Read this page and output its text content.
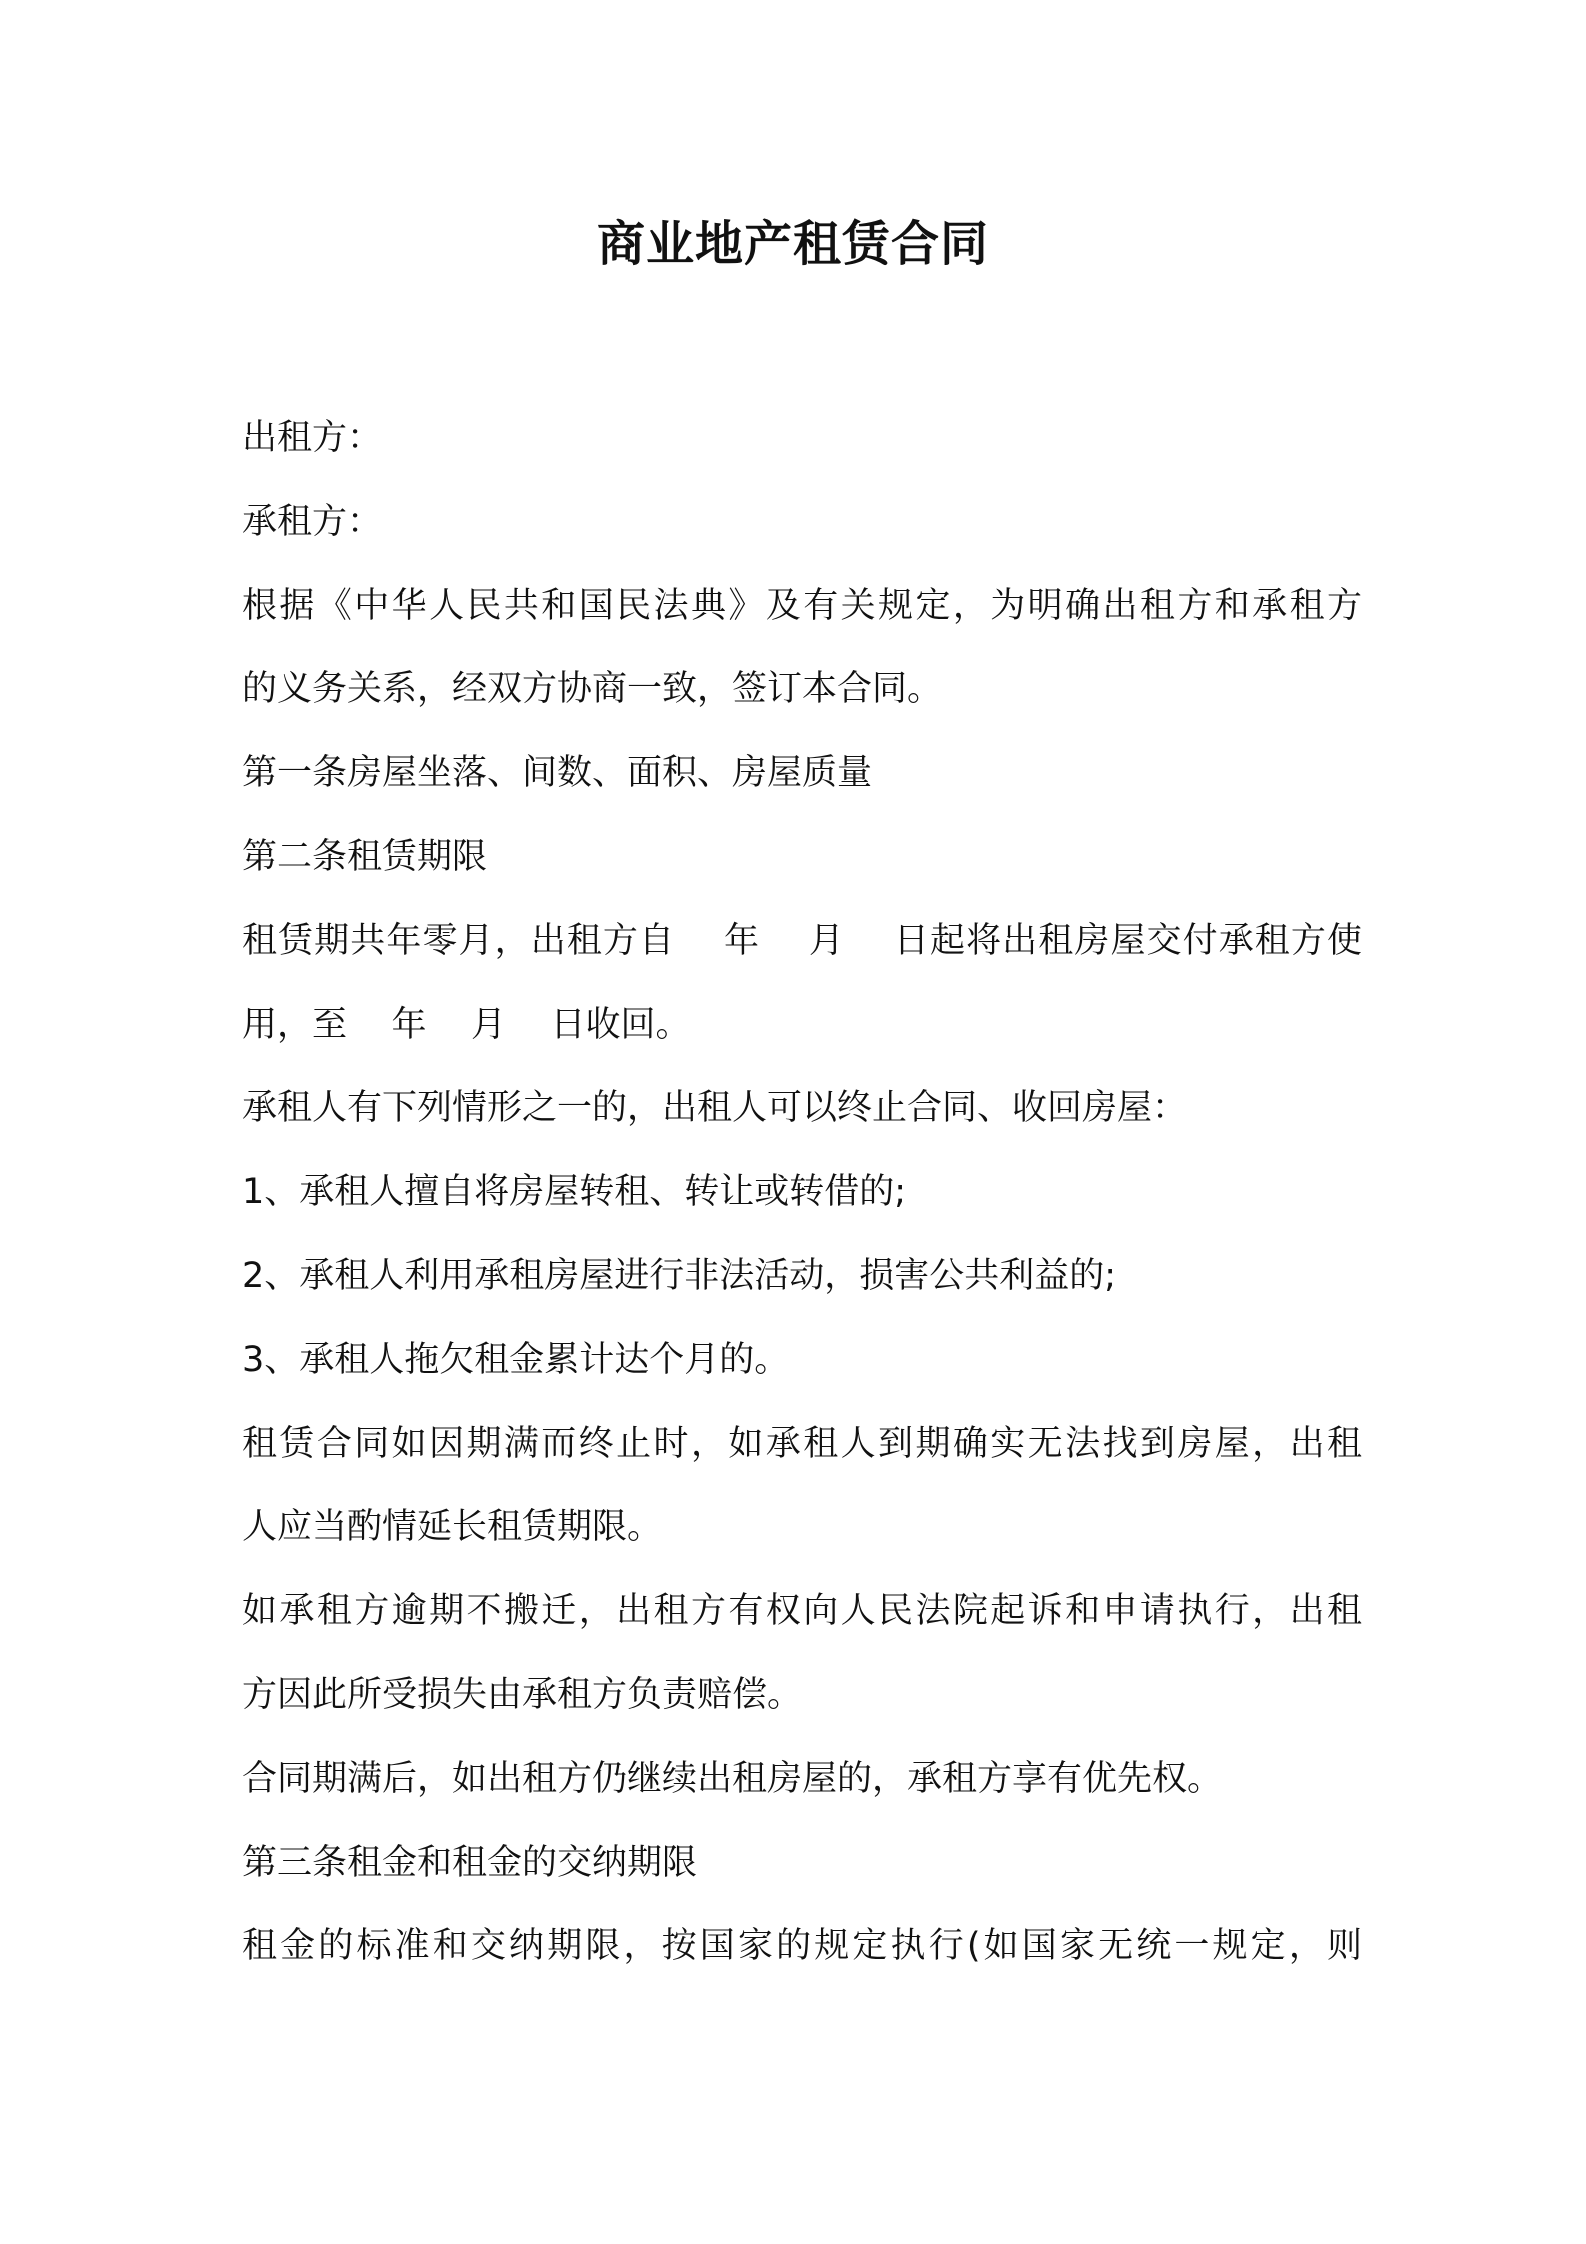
商业地产租赁合同
出租方：
承租方：
根据《中华人民共和国民法典》及有关规定，为明确出租方和承租方
的义务关系，经双方协商一致，签订本合同。
第一条房屋坐落、间数、面积、房屋质量
第二条租赁期限
租赁期共年零月，出租方自    年    月    日起将出租房屋交付承租方使
用，至    年    月    日收回。
承租人有下列情形之一的，出租人可以终止合同、收回房屋：
1、承租人擅自将房屋转租、转让或转借的;
2、承租人利用承租房屋进行非法活动，损害公共利益的;
3、承租人拖欠租金累计达个月的。
租赁合同如因期满而终止时，如承租人到期确实无法找到房屋，出租
人应当酌情延长租赁期限。
如承租方逾期不搬迁，出租方有权向人民法院起诉和申请执行，出租
方因此所受损失由承租方负责赔偿。
合同期满后，如出租方仍继续出租房屋的，承租方享有优先权。
第三条租金和租金的交纳期限
租金的标准和交纳期限，按国家的规定执行(如国家无统一规定，则
